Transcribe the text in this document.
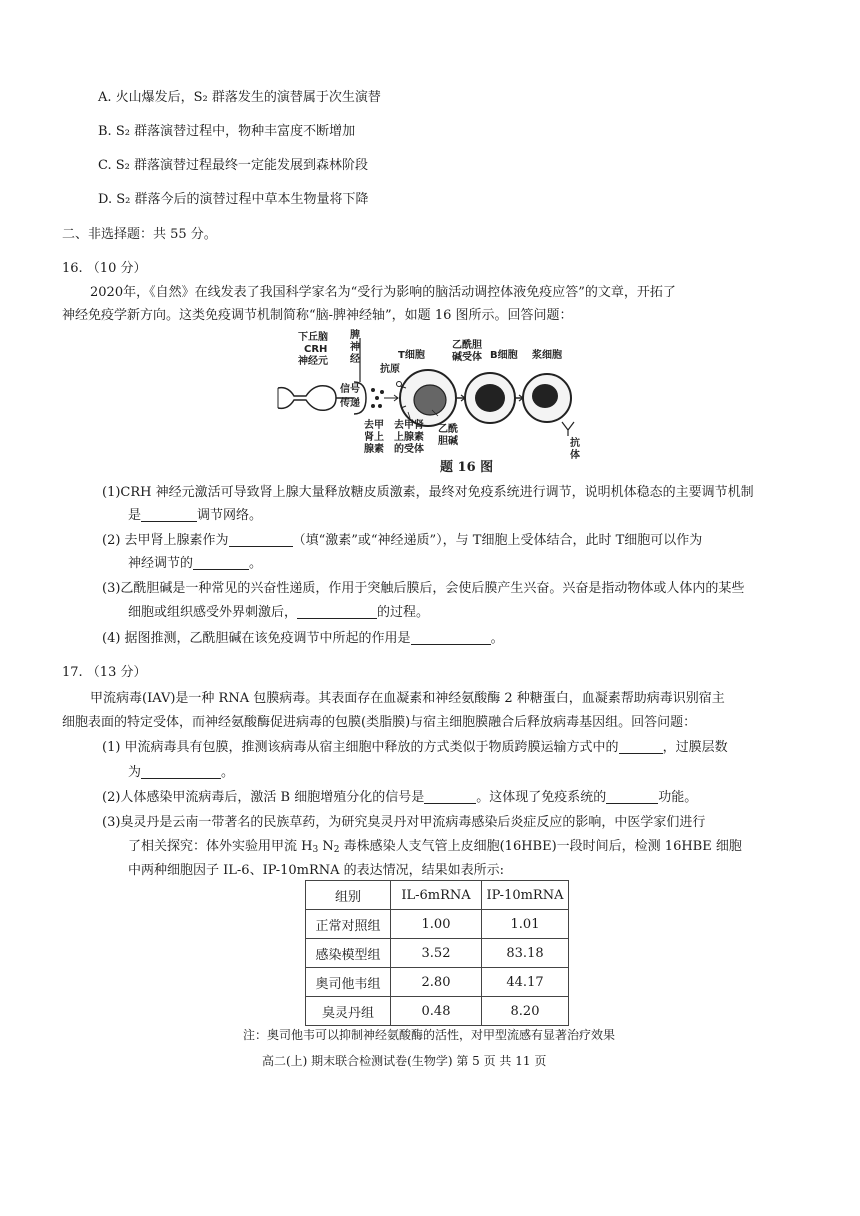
A. 火山爆发后，S₂ 群落发生的演替属于次生演替
B. S₂ 群落演替过程中，物种丰富度不断增加
C. S₂ 群落演替过程最终一定能发展到森林阶段
D. S₂ 群落今后的演替过程中草本生物量将下降
二、非选择题：共 55 分。
16. （10 分）
2020年，《自然》在线发表了我国科学家名为“受行为影响的脑活动调控体液免疫应答”的文章，开拓了
神经免疫学新方向。这类免疫调节机制简称“脑-脾神经轴”，如题 16 图所示。回答问题：
下丘脑
CRH
神经元
脾
神
经
信号
传递
去甲
肾上
腺素
T细胞
抗原
乙酰胆
碱受体 B细胞 浆细胞
去甲肾
上腺素
的受体
乙酰
胆碱	抗
体
题 16 图
(1)CRH 神经元激活可导致肾上腺大量释放糖皮质激素，最终对免疫系统进行调节，说明机体稳态的主要调节机制
是	调节网络。
(2) 去甲肾上腺素作为	（填“激素”或“神经递质”），与 T细胞上受体结合，此时 T细胞可以作为
神经调节的	。
(3)乙酰胆碱是一种常见的兴奋性递质，作用于突触后膜后，会使后膜产生兴奋。兴奋是指动物体或人体内的某些
细胞或组织感受外界刺激后，	的过程。
(4) 据图推测，乙酰胆碱在该免疫调节中所起的作用是	。
17. （13 分）
甲流病毒(IAV)是一种 RNA 包膜病毒。其表面存在血凝素和神经氨酸酶 2 种糖蛋白，血凝素帮助病毒识别宿主
细胞表面的特定受体，而神经氨酸酶促进病毒的包膜(类脂膜)与宿主细胞膜融合后释放病毒基因组。回答问题：
(1) 甲流病毒具有包膜，推测该病毒从宿主细胞中释放的方式类似于物质跨膜运输方式中的	，过膜层数
为	。
(2)人体感染甲流病毒后，激活 B 细胞增殖分化的信号是	。这体现了免疫系统的	功能。
(3)臭灵丹是云南一带著名的民族草药，为研究臭灵丹对甲流病毒感染后炎症反应的影响，中医学家们进行
了相关探究：体外实验用甲流 $H_3$ $N_2$ 毒株感染人支气管上皮细胞(16HBE)一段时间后，检测 16HBE 细胞
中两种细胞因子 IL-6、IP-10mRNA 的表达情况，结果如表所示:
组别	IL-6mRNA	IP-10mRNA
正常对照组	1.00	1.01
感染模型组	3.52	83.18
奥司他韦组	2.80	44.17
臭灵丹组	0.48	8.20
注：奥司他韦可以抑制神经氨酸酶的活性，对甲型流感有显著治疗效果
高二(上) 期末联合检测试卷(生物学) 第 5 页 共 11 页
